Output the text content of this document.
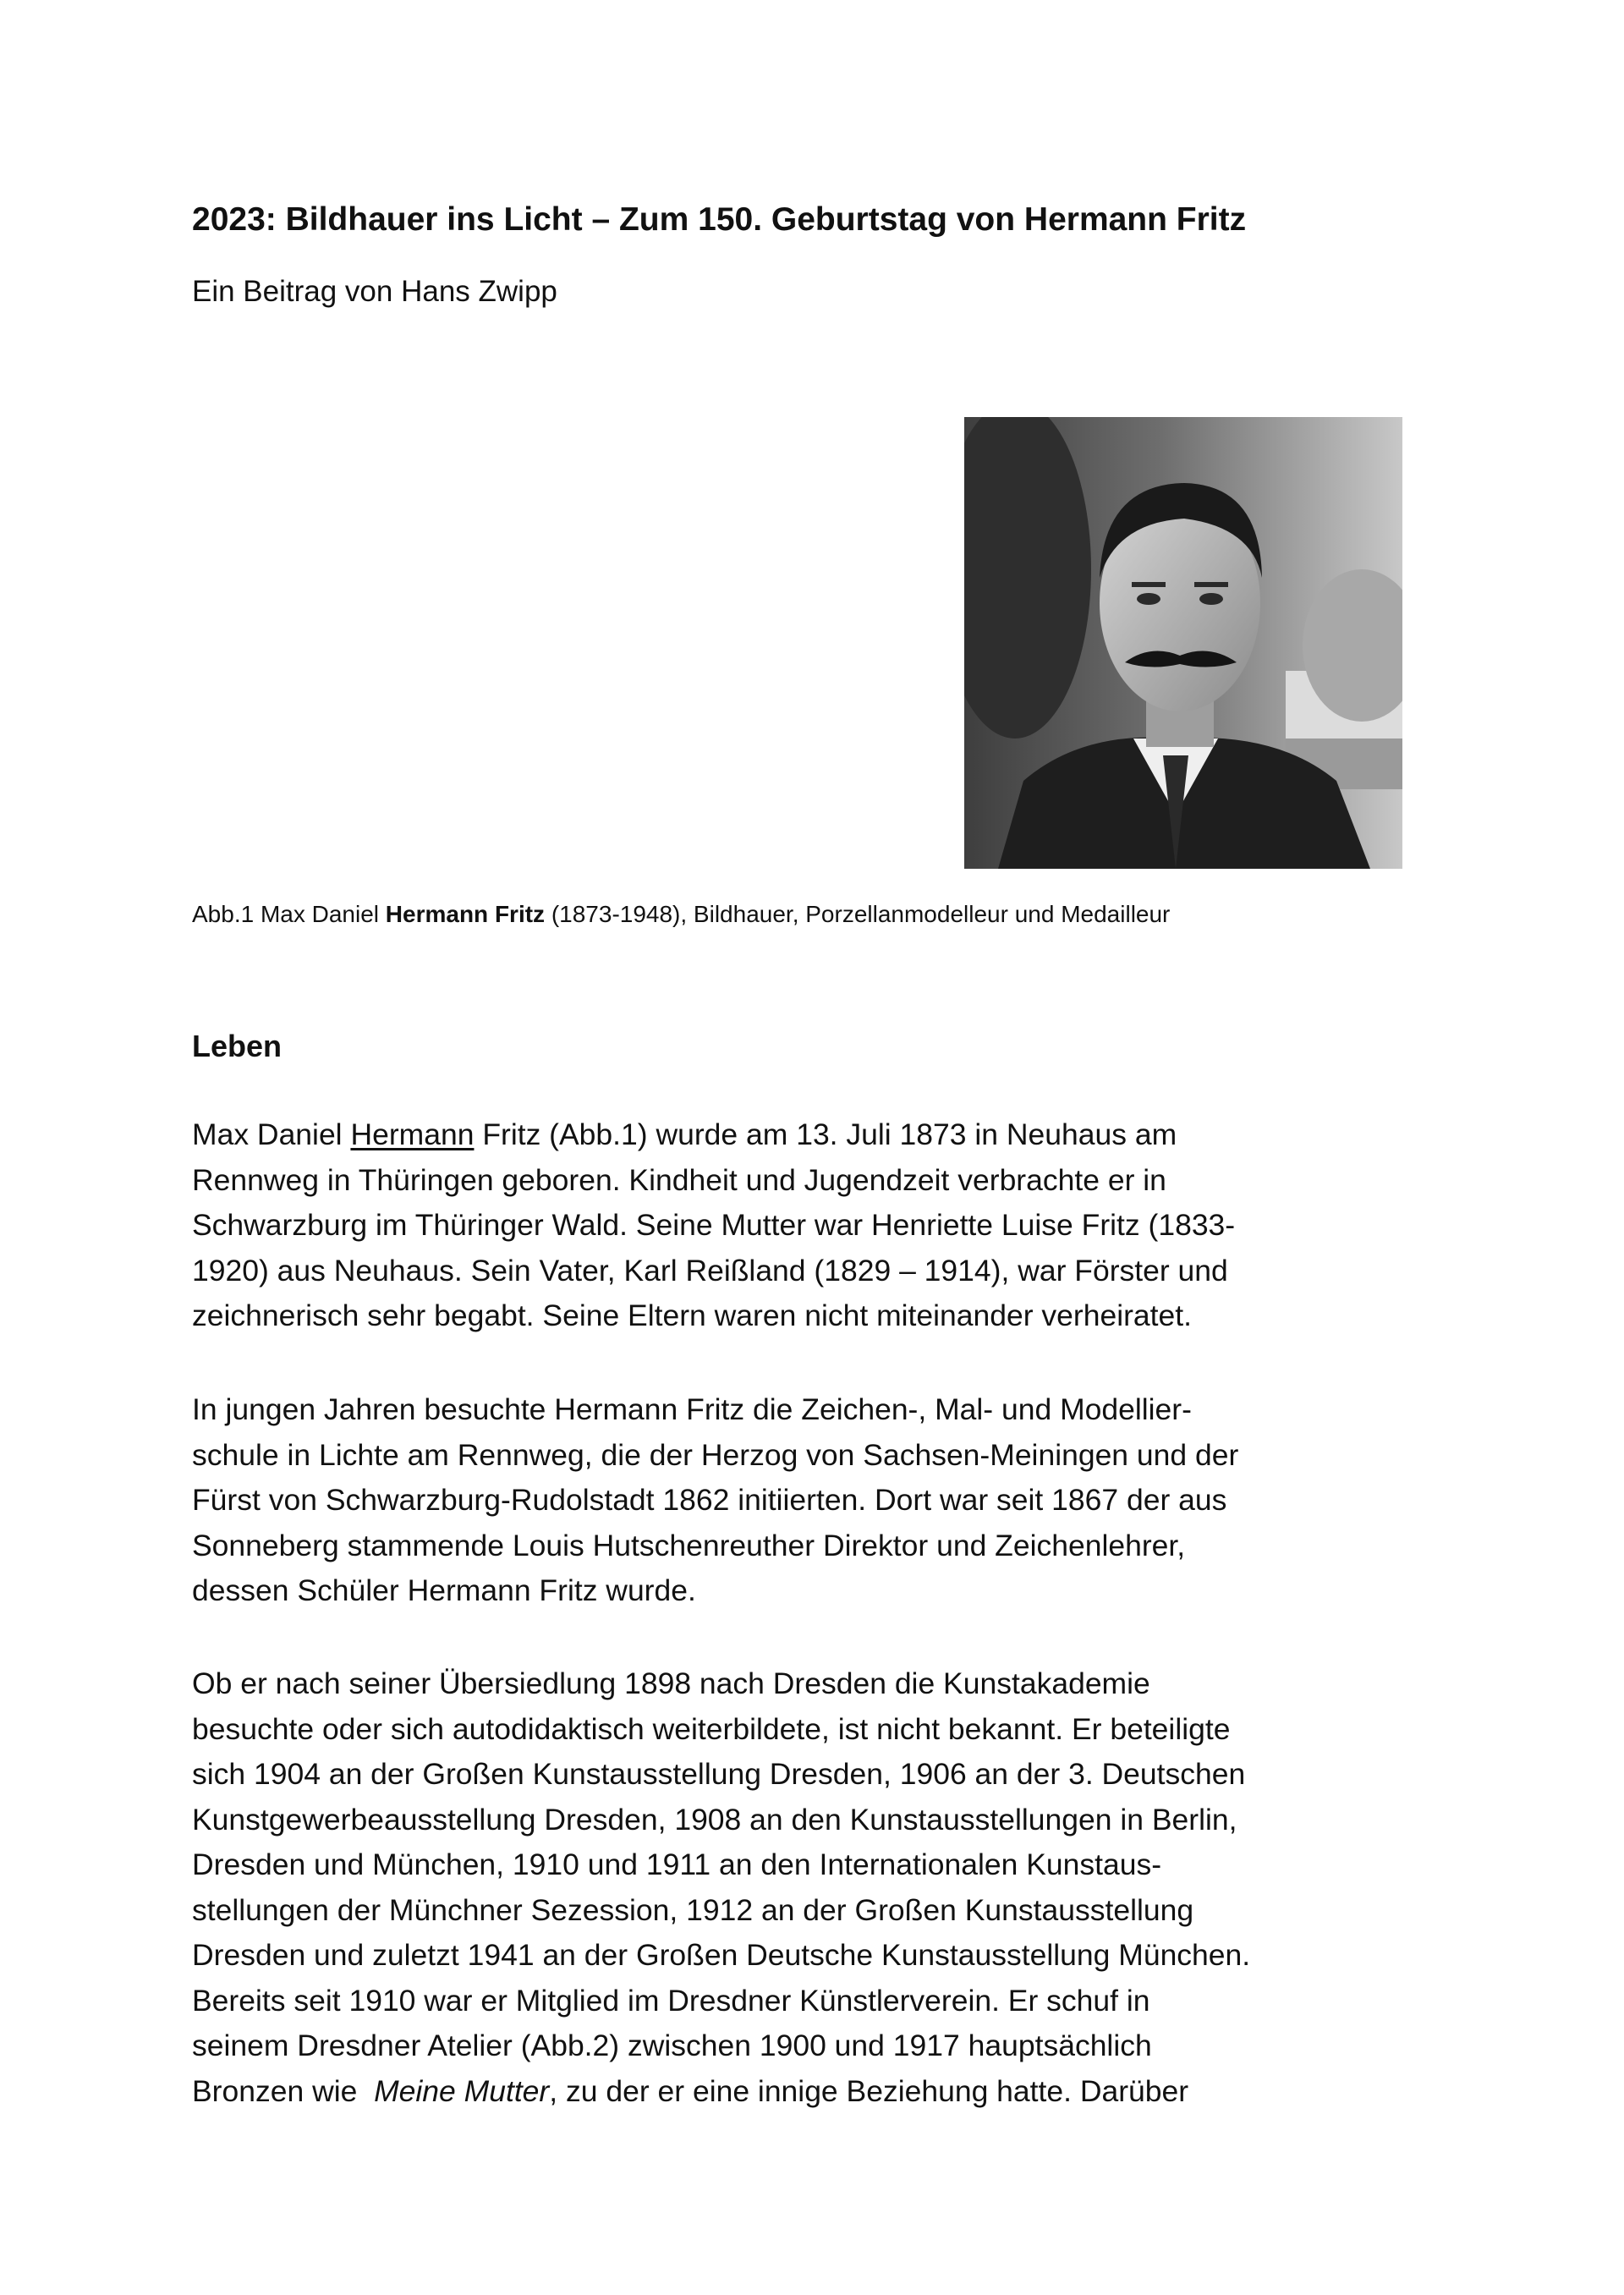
2023: Bildhauer ins Licht – Zum 150. Geburtstag von Hermann Fritz
Ein Beitrag von Hans Zwipp
Abb.1 Max Daniel Hermann Fritz (1873-1948), Bildhauer, Porzellanmodelleur und Medailleur
Leben
Max Daniel Hermann Fritz (Abb.1) wurde am 13. Juli 1873 in Neuhaus am
Rennweg in Thüringen geboren. Kindheit und Jugendzeit verbrachte er in
Schwarzburg im Thüringer Wald. Seine Mutter war Henriette Luise Fritz (1833-
1920) aus Neuhaus. Sein Vater, Karl Reißland (1829 – 1914), war Förster und
zeichnerisch sehr begabt. Seine Eltern waren nicht miteinander verheiratet.
In jungen Jahren besuchte Hermann Fritz die Zeichen-, Mal- und Modellier-
schule in Lichte am Rennweg, die der Herzog von Sachsen-Meiningen und der
Fürst von Schwarzburg-Rudolstadt 1862 initiierten. Dort war seit 1867 der aus
Sonneberg stammende Louis Hutschenreuther Direktor und Zeichenlehrer,
dessen Schüler Hermann Fritz wurde.
Ob er nach seiner Übersiedlung 1898 nach Dresden die Kunstakademie
besuchte oder sich autodidaktisch weiterbildete, ist nicht bekannt. Er beteiligte
sich 1904 an der Großen Kunstausstellung Dresden, 1906 an der 3. Deutschen
Kunstgewerbeausstellung Dresden, 1908 an den Kunstausstellungen in Berlin,
Dresden und München, 1910 und 1911 an den Internationalen Kunstaus-
stellungen der Münchner Sezession, 1912 an der Großen Kunstausstellung
Dresden und zuletzt 1941 an der Großen Deutsche Kunstausstellung München.
Bereits seit 1910 war er Mitglied im Dresdner Künstlerverein. Er schuf in
seinem Dresdner Atelier (Abb.2) zwischen 1900 und 1917 hauptsächlich
Bronzen wie  Meine Mutter, zu der er eine innige Beziehung hatte. Darüber
